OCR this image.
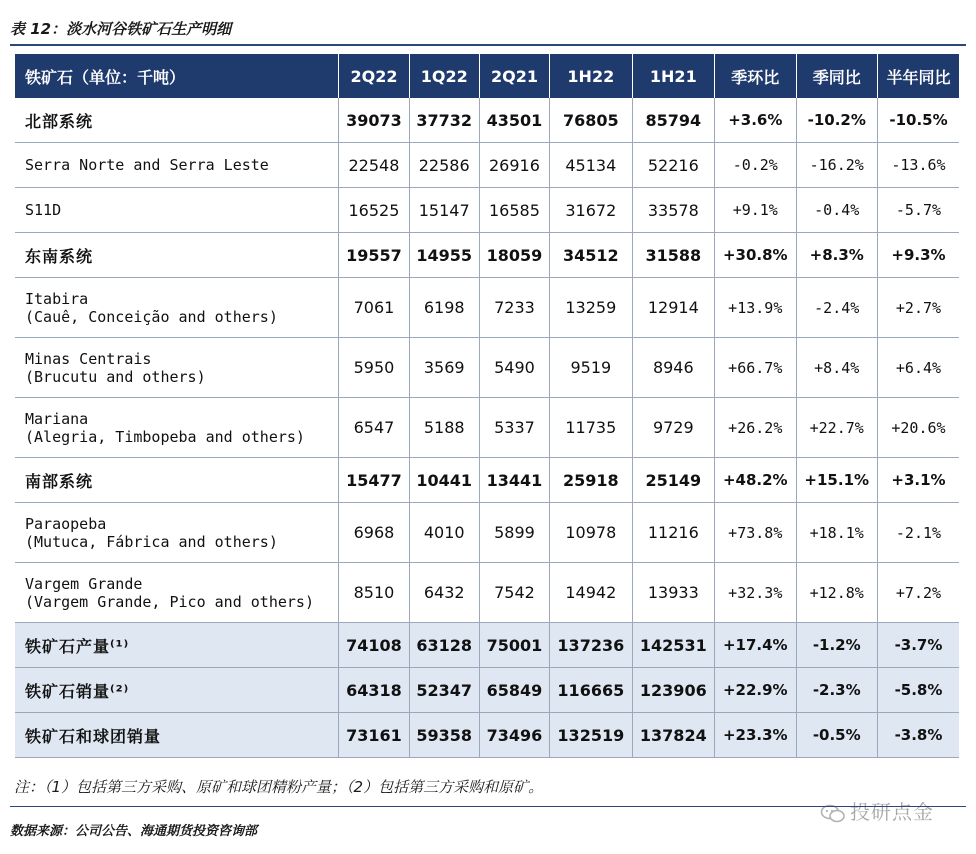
表 12：淡水河谷铁矿石生产明细
铁矿石（单位：千吨）	2Q22	1Q22	2Q21	1H22	1H21	季环比	季同比	半年同比

北部系统	39073	37732	43501	76805	85794	+3.6%	-10.2%	-10.5%

Serra Norte and Serra Leste	22548	22586	26916	45134	52216	-0.2%	-16.2%	-13.6%

S11D	16525	15147	16585	31672	33578	+9.1%	-0.4%	-5.7%

东南系统	19557	14955	18059	34512	31588	+30.8%	+8.3%	+9.3%

Itabira
(Cauê, Conceição and others)	7061	6198	7233	13259	12914	+13.9%	-2.4%	+2.7%

Minas Centrais
(Brucutu and others)	5950	3569	5490	9519	8946	+66.7%	+8.4%	+6.4%

Mariana
(Alegria, Timbopeba and others)	6547	5188	5337	11735	9729	+26.2%	+22.7%	+20.6%

南部系统	15477	10441	13441	25918	25149	+48.2%	+15.1%	+3.1%

Paraopeba
(Mutuca, Fábrica and others)	6968	4010	5899	10978	11216	+73.8%	+18.1%	-2.1%

Vargem Grande
(Vargem Grande, Pico and others)	8510	6432	7542	14942	13933	+32.3%	+12.8%	+7.2%

铁矿石产量⁽¹⁾	74108	63128	75001	137236	142531	+17.4%	-1.2%	-3.7%

铁矿石销量⁽²⁾	64318	52347	65849	116665	123906	+22.9%	-2.3%	-5.8%

铁矿石和球团销量	73161	59358	73496	132519	137824	+23.3%	-0.5%	-3.8%
注：（1）包括第三方采购、原矿和球团精粉产量；（2）包括第三方采购和原矿。
投研点金
数据来源：公司公告、海通期货投资咨询部
